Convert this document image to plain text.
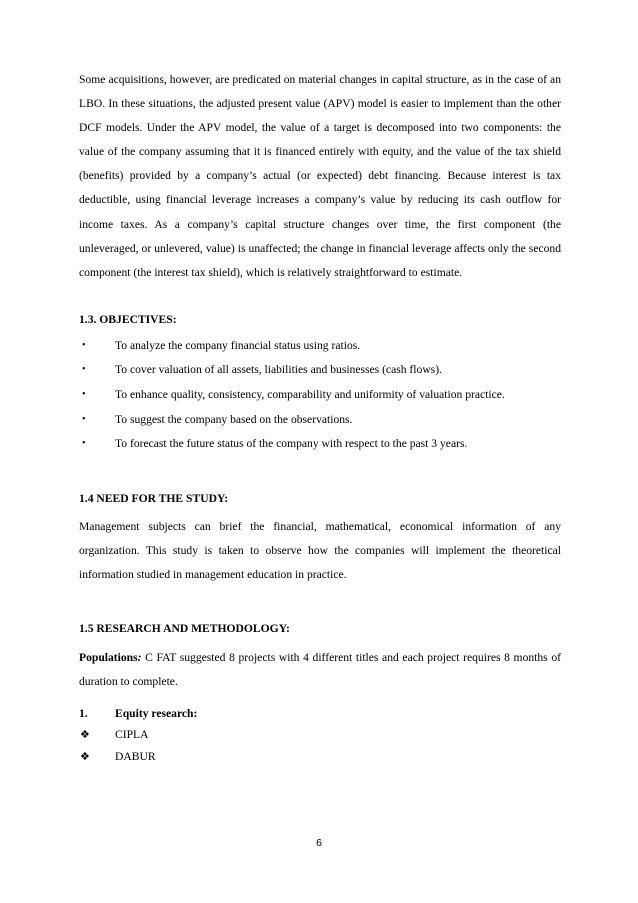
Some acquisitions, however, are predicated on material changes in capital structure, as in the case of an LBO. In these situations, the adjusted present value (APV) model is easier to implement than the other DCF models. Under the APV model, the value of a target is decomposed into two components: the value of the company assuming that it is financed entirely with equity, and the value of the tax shield (benefits) provided by a company’s actual (or expected) debt financing. Because interest is tax deductible, using financial leverage increases a company’s value by reducing its cash outflow for income taxes. As a company’s capital structure changes over time, the first component (the unleveraged, or unlevered, value) is unaffected; the change in financial leverage affects only the second component (the interest tax shield), which is relatively straightforward to estimate.

1.3. OBJECTIVES:

•	To analyze the company financial status using ratios.
•	To cover valuation of all assets, liabilities and businesses (cash flows).
•	To enhance quality, consistency, comparability and uniformity of valuation practice.
•	To suggest the company based on the observations.
•	To forecast the future status of the company with respect to the past 3 years.

1.4 NEED FOR THE STUDY:

Management subjects can brief the financial, mathematical, economical information of any organization. This study is taken to observe how the companies will implement the theoretical information studied in management education in practice.

1.5 RESEARCH AND METHODOLOGY:

Populations: C FAT suggested 8 projects with 4 different titles and each project requires 8 months of duration to complete.

1. Equity research:
❖ CIPLA
❖ DABUR
6
